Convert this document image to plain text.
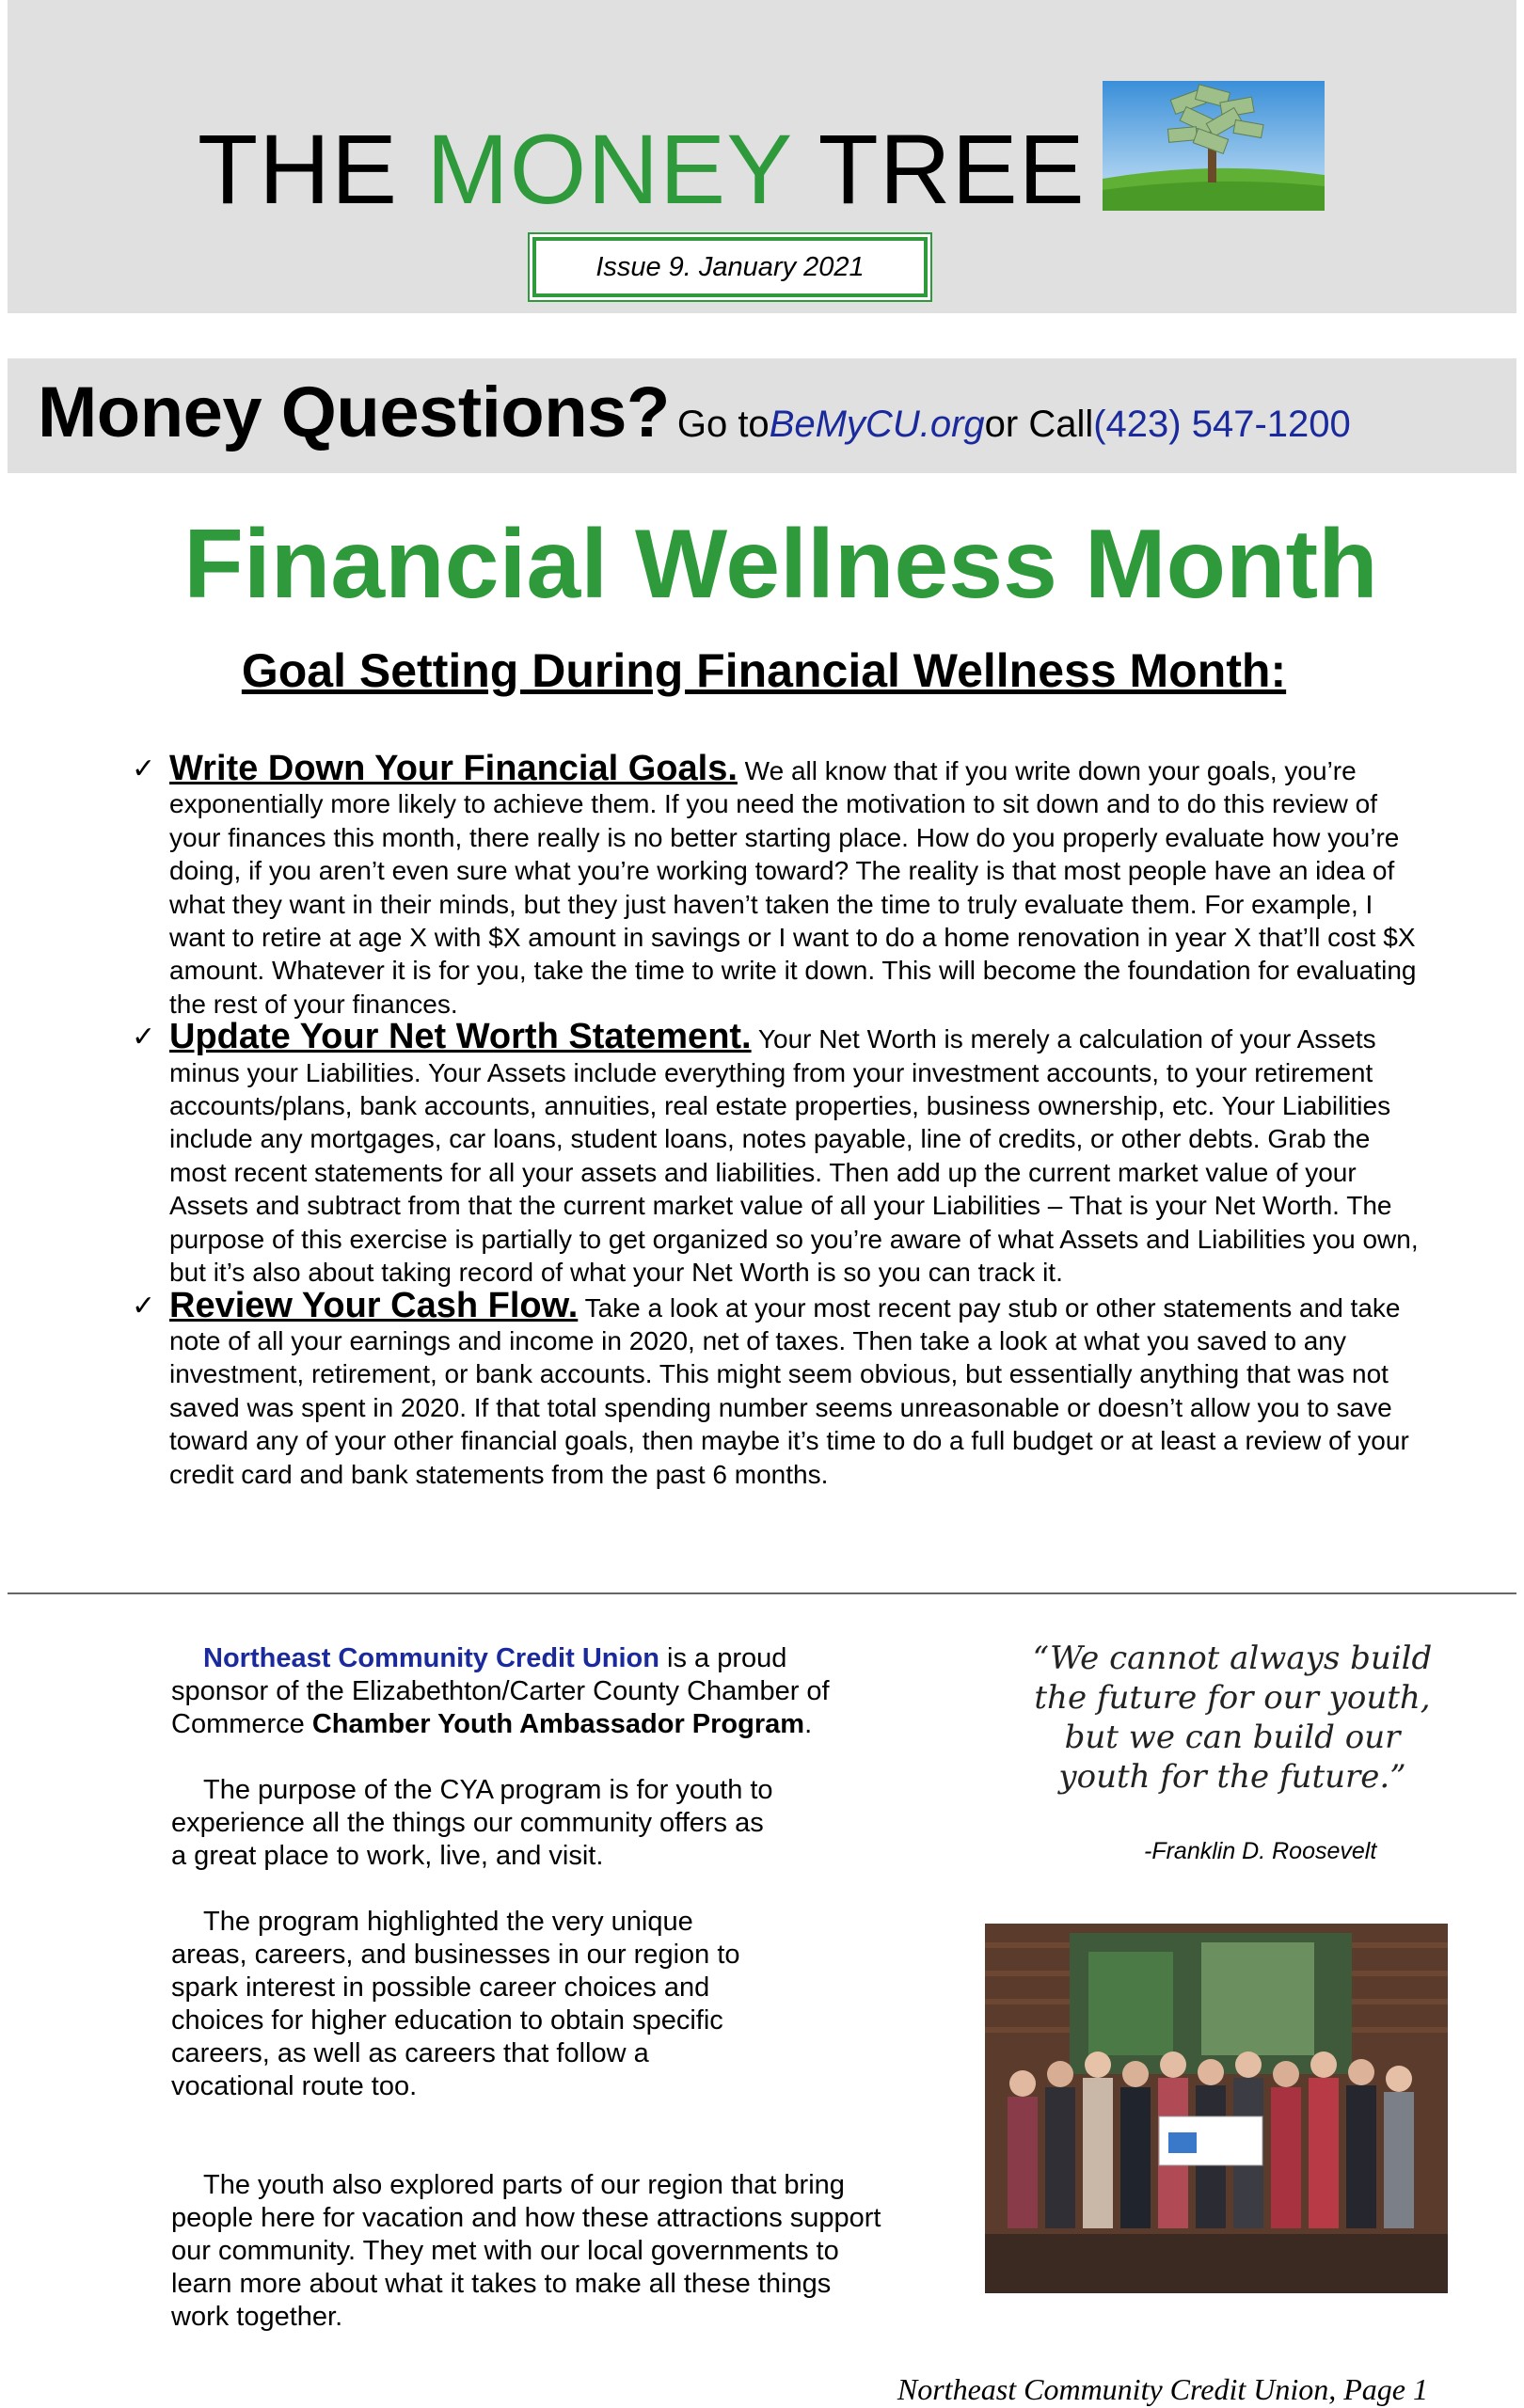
THE MONEY TREE
Issue 9. January 2021
Money Questions? Go to BeMyCU.org or Call (423) 547-1200
Financial Wellness Month
Goal Setting During Financial Wellness Month:
✓ Write Down Your Financial Goals. We all know that if you write down your goals, you’re exponentially more likely to achieve them. If you need the motivation to sit down and to do this review of your finances this month, there really is no better starting place. How do you properly evaluate how you’re doing, if you aren’t even sure what you’re working toward? The reality is that most people have an idea of what they want in their minds, but they just haven’t taken the time to truly evaluate them. For example, I want to retire at age X with $X amount in savings or I want to do a home renovation in year X that’ll cost $X amount. Whatever it is for you, take the time to write it down. This will become the foundation for evaluating the rest of your finances.
✓ Update Your Net Worth Statement. Your Net Worth is merely a calculation of your Assets minus your Liabilities. Your Assets include everything from your investment accounts, to your retirement accounts/plans, bank accounts, annuities, real estate properties, business ownership, etc. Your Liabilities include any mortgages, car loans, student loans, notes payable, line of credits, or other debts. Grab the most recent statements for all your assets and liabilities. Then add up the current market value of your Assets and subtract from that the current market value of all your Liabilities – That is your Net Worth. The purpose of this exercise is partially to get organized so you’re aware of what Assets and Liabilities you own, but it’s also about taking record of what your Net Worth is so you can track it.
✓ Review Your Cash Flow. Take a look at your most recent pay stub or other statements and take note of all your earnings and income in 2020, net of taxes. Then take a look at what you saved to any investment, retirement, or bank accounts. This might seem obvious, but essentially anything that was not saved was spent in 2020. If that total spending number seems unreasonable or doesn’t allow you to save toward any of your other financial goals, then maybe it’s time to do a full budget or at least a review of your credit card and bank statements from the past 6 months.

Northeast Community Credit Union is a proud sponsor of the Elizabethton/Carter County Chamber of Commerce Chamber Youth Ambassador Program.

The purpose of the CYA program is for youth to experience all the things our community offers as a great place to work, live, and visit.

The program highlighted the very unique areas, careers, and businesses in our region to spark interest in possible career choices and choices for higher education to obtain specific careers, as well as careers that follow a vocational route too.

The youth also explored parts of our region that bring people here for vacation and how these attractions support our community. They met with our local governments to learn more about what it takes to make all these things work together.

“We cannot always build the future for our youth, but we can build our youth for the future.”

-Franklin D. Roosevelt
Northeast Community Credit Union, Page 1
